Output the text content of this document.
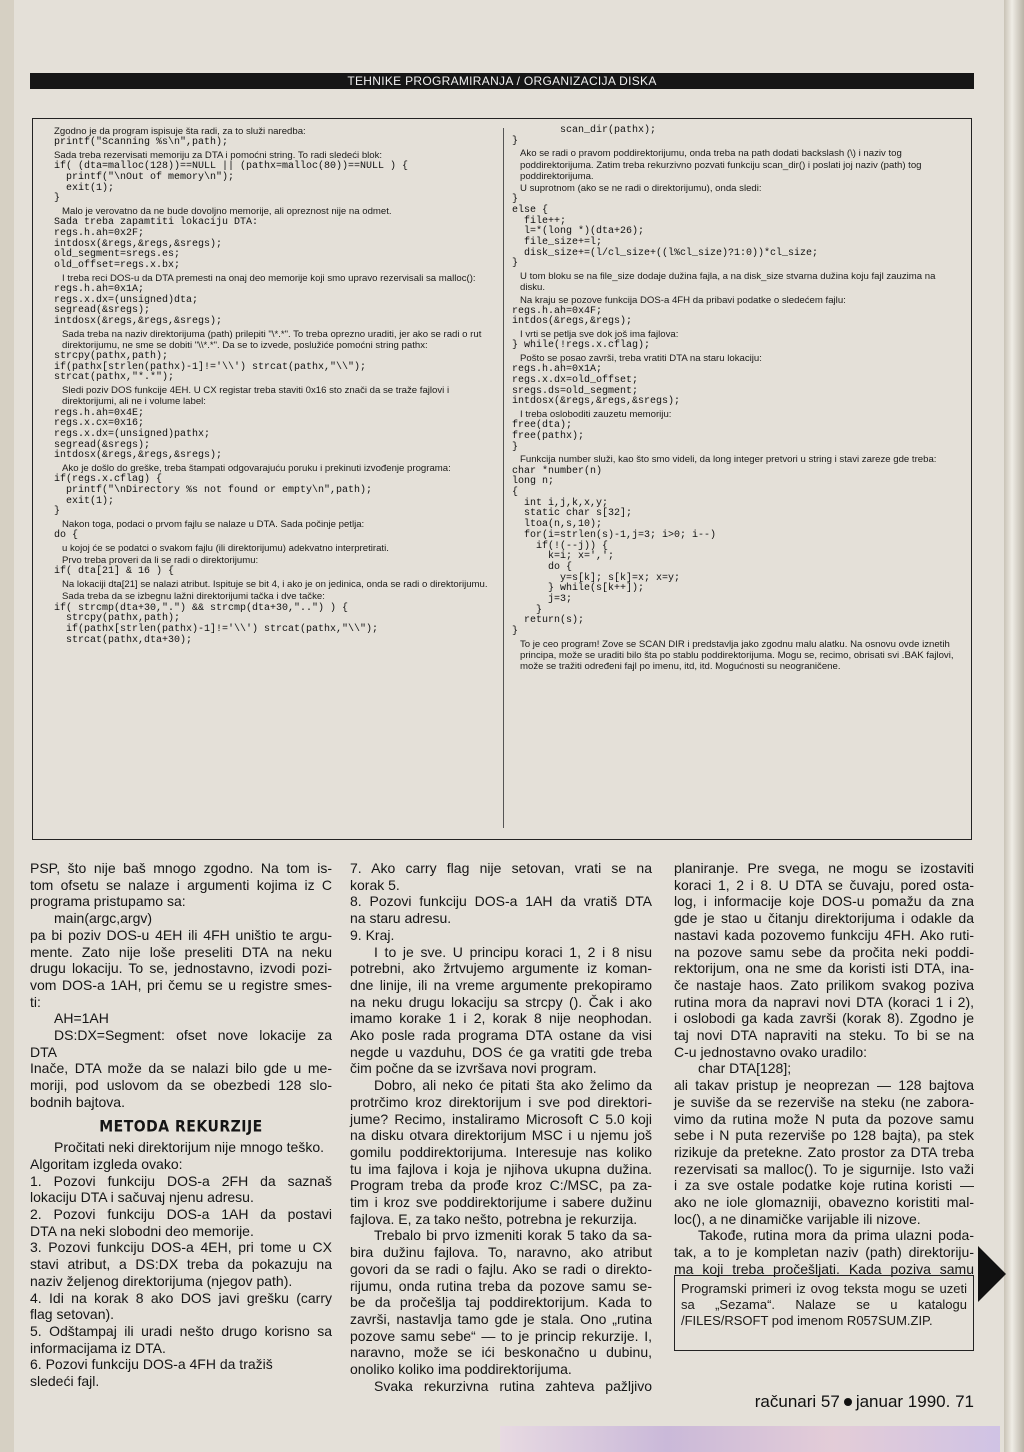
TEHNIKE PROGRAMIRANJA / ORGANIZACIJA DISKA
Zgodno je da program ispisuje šta radi, za to služi naredba:
printf("Scanning %s\n",path);
Sada treba rezervisati memoriju za DTA i pomoćni string. To radi sledeći blok:
if( (dta=malloc(128))==NULL || (pathx=malloc(80))==NULL ) {
printf("\nOut of memory\n");
exit(1);
}
Malo je verovatno da ne bude dovoljno memorije, ali opreznost nije na odmet.
Sada treba zapamtiti lokaciju DTA:
regs.h.ah=0x2F;
intdosx(&regs,&regs,&sregs);
old_segment=sregs.es;
old_offset=regs.x.bx;
I treba reci DOS-u da DTA premesti na onaj deo memorije koji smo upravo rezervisali sa malloc():
regs.h.ah=0x1A;
regs.x.dx=(unsigned)dta;
segread(&sregs);
intdosx(&regs,&regs,&sregs);
Sada treba na naziv direktorijuma (path) prilepiti "\*.*". To treba oprezno uraditi, jer ako se radi o rut direktorijumu, ne sme se dobiti "\\*.*". Da se to izvede, poslužiće pomoćni string pathx:
strcpy(pathx,path);
if(pathx[strlen(pathx)-1]!='\\') strcat(pathx,"\\");
strcat(pathx,"*.*");
Sledi poziv DOS funkcije 4EH. U CX registar treba staviti 0x16 sto znači da se traže fajlovi i direktorijumi, ali ne i volume label:
regs.h.ah=0x4E;
regs.x.cx=0x16;
regs.x.dx=(unsigned)pathx;
segread(&sregs);
intdosx(&regs,&regs,&sregs);
Ako je došlo do greške, treba štampati odgovarajuću poruku i prekinuti izvođenje programa:
if(regs.x.cflag) {
printf("\nDirectory %s not found or empty\n",path);
exit(1);
}
Nakon toga, podaci o prvom fajlu se nalaze u DTA. Sada počinje petlja:
do {
u kojoj će se podatci o svakom fajlu (ili direktorijumu) adekvatno interpretirati.
Prvo treba proveri da li se radi o direktorijumu:
if( dta[21] & 16 ) {
Na lokaciji dta[21] se nalazi atribut. Ispituje se bit 4, i ako je on jedinica, onda se radi o direktorijumu.
Sada treba da se izbegnu lažni direktorijumi tačka i dve tačke:
if( strcmp(dta+30,".") && strcmp(dta+30,"..") ) {
strcpy(pathx,path);
if(pathx[strlen(pathx)-1]!='\\') strcat(pathx,"\\");
strcat(pathx,dta+30);
scan_dir(pathx);
}
Ako se radi o pravom poddirektorijumu, onda treba na path dodati backslash (\) i naziv tog poddirektorijuma. Zatim treba rekurzivno pozvati funkciju scan_dir() i poslati joj naziv (path) tog poddirektorijuma.
U suprotnom (ako se ne radi o direktorijumu), onda sledi:
}
else {
file++;
l=*(long *)(dta+26);
file_size+=l;
disk_size+=(l/cl_size+((l%cl_size)?1:0))*cl_size;
}
U tom bloku se na file_size dodaje dužina fajla, a na disk_size stvarna dužina koju fajl zauzima na disku.
Na kraju se pozove funkcija DOS-a 4FH da pribavi podatke o sledećem fajlu:
regs.h.ah=0x4F;
intdos(&regs,&regs);
I vrti se petlja sve dok još ima fajlova:
} while(!regs.x.cflag);
Pošto se posao završi, treba vratiti DTA na staru lokaciju:
regs.h.ah=0x1A;
regs.x.dx=old_offset;
sregs.ds=old_segment;
intdosx(&regs,&regs,&sregs);
I treba osloboditi zauzetu memoriju:
free(dta);
free(pathx);
}
Funkcija number služi, kao što smo videli, da long integer pretvori u string i stavi zareze gde treba:
char *number(n)
long n;
{
int i,j,k,x,y;
static char s[32];
ltoa(n,s,10);
for(i=strlen(s)-1,j=3; i>0; i--)
if(!(--j)) {
k=i; x=',';
do {
y=s[k]; s[k]=x; x=y;
} while(s[k++]);
j=3;
}
return(s);
}
To je ceo program! Zove se SCAN DIR i predstavlja jako zgodnu malu alatku. Na osnovu ovde iznetih principa, može se uraditi bilo šta po stablu poddirektorijuma. Mogu se, recimo, obrisati svi .BAK fajlovi, može se tražiti određeni fajl po imenu, itd, itd. Mogućnosti su neograničene.
PSP, što nije baš mnogo zgodno. Na tom is-
tom ofsetu se nalaze i argumenti kojima iz C
programa pristupamo sa:
main(argc,argv)
pa bi poziv DOS-u 4EH ili 4FH uništio te argu-
mente. Zato nije loše preseliti DTA na neku
drugu lokaciju. To se, jednostavno, izvodi pozi-
vom DOS-a 1AH, pri čemu se u registre smes-
ti:
AH=1AH
DS:DX=Segment: ofset nove lokacije za
DTA
Inače, DTA može da se nalazi bilo gde u me-
moriji, pod uslovom da se obezbedi 128 slo-
bodnih bajtova.
METODA REKURZIJE
Pročitati neki direktorijum nije mnogo teško.
Algoritam izgleda ovako:
1. Pozovi funkciju DOS-a 2FH da saznaš
lokaciju DTA i sačuvaj njenu adresu.
2. Pozovi funkciju DOS-a 1AH da postavi
DTA na neki slobodni deo memorije.
3. Pozovi funkciju DOS-a 4EH, pri tome u CX
stavi atribut, a DS:DX treba da pokazuju na
naziv željenog direktorijuma (njegov path).
4. Idi na korak 8 ako DOS javi grešku (carry
flag setovan).
5. Odštampaj ili uradi nešto drugo korisno sa
informacijama iz DTA.
6. Pozovi funkciju DOS-a 4FH da tražiš
sledeći fajl.
7. Ako carry flag nije setovan, vrati se na
korak 5.
8. Pozovi funkciju DOS-a 1AH da vratiš DTA
na staru adresu.
9. Kraj.
I to je sve. U principu koraci 1, 2 i 8 nisu
potrebni, ako žrtvujemo argumente iz koman-
dne linije, ili na vreme argumente prekopiramo
na neku drugu lokaciju sa strcpy (). Čak i ako
imamo korake 1 i 2, korak 8 nije neophodan.
Ako posle rada programa DTA ostane da visi
negde u vazduhu, DOS će ga vratiti gde treba
čim počne da se izvršava novi program.
Dobro, ali neko će pitati šta ako želimo da
protrčimo kroz direktorijum i sve pod direktori-
jume? Recimo, instaliramo Microsoft C 5.0 koji
na disku otvara direktorijum MSC i u njemu još
gomilu poddirektorijuma. Interesuje nas koliko
tu ima fajlova i koja je njihova ukupna dužina.
Program treba da prođe kroz C:/MSC, pa za-
tim i kroz sve poddirektorijume i sabere dužinu
fajlova. E, za tako nešto, potrebna je rekurzija.
Trebalo bi prvo izmeniti korak 5 tako da sa-
bira dužinu fajlova. To, naravno, ako atribut
govori da se radi o fajlu. Ako se radi o direkto-
rijumu, onda rutina treba da pozove samu se-
be da pročešlja taj poddirektorijum. Kada to
završi, nastavlja tamo gde je stala. Ono „rutina
pozove samu sebe“ — to je princip rekurzije. I,
naravno, može se ići beskonačno u dubinu,
onoliko koliko ima poddirektorijuma.
Svaka rekurzivna rutina zahteva pažljivo
planiranje. Pre svega, ne mogu se izostaviti
koraci 1, 2 i 8. U DTA se čuvaju, pored osta-
log, i informacije koje DOS-u pomažu da zna
gde je stao u čitanju direktorijuma i odakle da
nastavi kada pozovemo funkciju 4FH. Ako ruti-
na pozove samu sebe da pročita neki poddi-
rektorijum, ona ne sme da koristi isti DTA, ina-
če nastaje haos. Zato prilikom svakog poziva
rutina mora da napravi novi DTA (koraci 1 i 2),
i oslobodi ga kada završi (korak 8). Zgodno je
taj novi DTA napraviti na steku. To bi se na
C-u jednostavno ovako uradilo:
char DTA[128];
ali takav pristup je neoprezan — 128 bajtova
je suviše da se rezerviše na steku (ne zabora-
vimo da rutina može N puta da pozove samu
sebe i N puta rezerviše po 128 bajta), pa stek
rizikuje da pretekne. Zato prostor za DTA treba
rezervisati sa malloc(). To je sigurnije. Isto važi
i za sve ostale podatke koje rutina koristi —
ako ne iole glomazniji, obavezno koristiti mal-
loc(), a ne dinamičke varijable ili nizove.
Takođe, rutina mora da prima ulazni poda-
tak, a to je kompletan naziv (path) direktoriju-
ma koji treba pročešljati. Kada poziva samu
Programski primeri iz ovog teksta mogu se uzeti sa „Sezama“. Nalaze se u katalogu /FILES/RSOFT pod imenom R057SUM.ZIP.
računari 57 januar 1990. 71
